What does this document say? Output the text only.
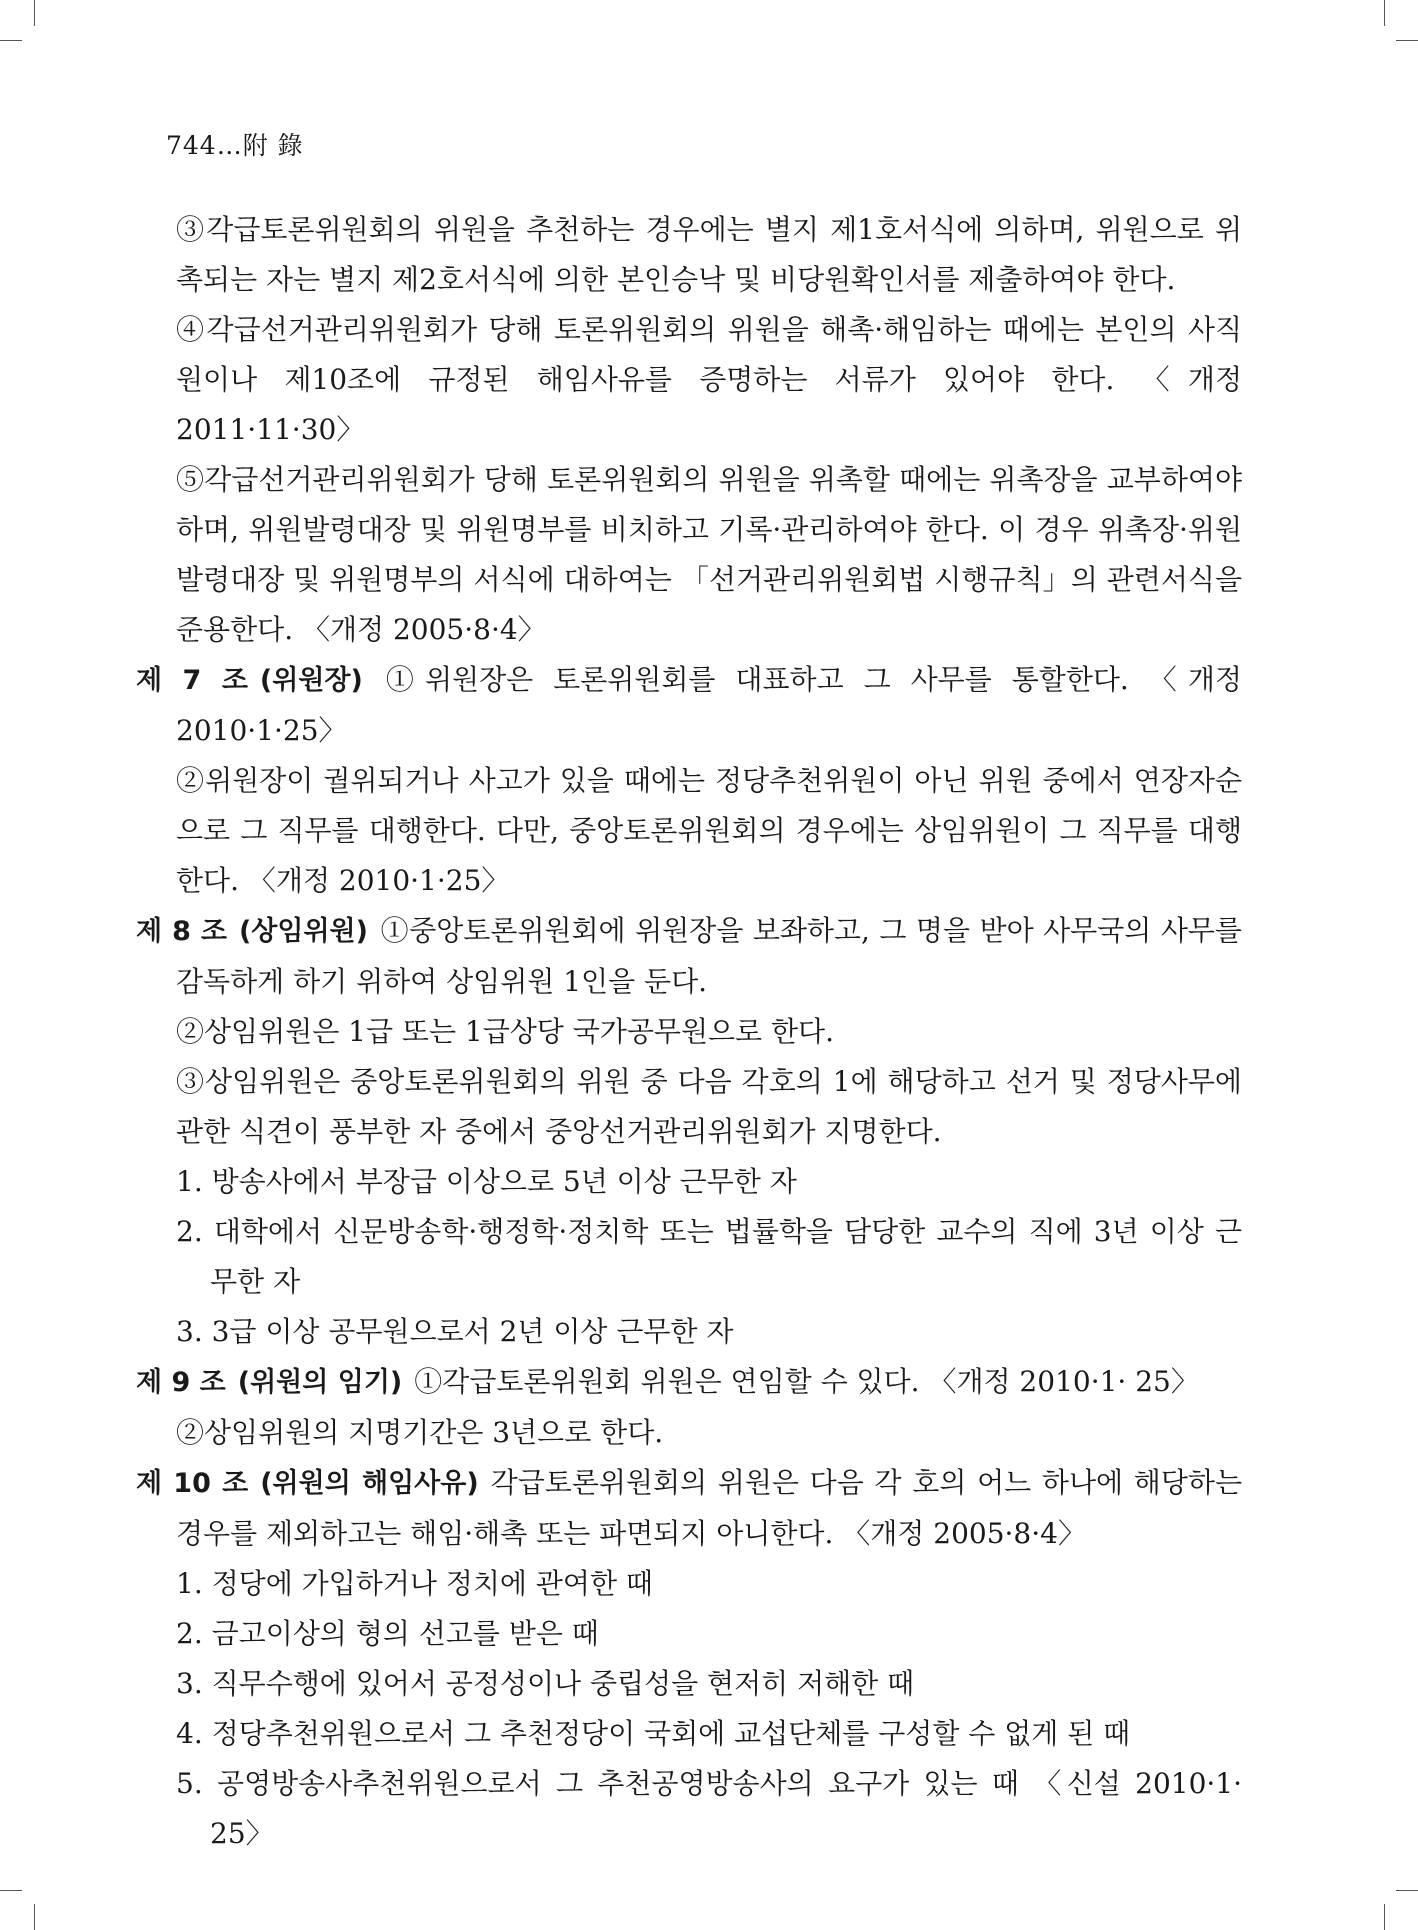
744…附 錄

③각급토론위원회의 위원을 추천하는 경우에는 별지 제1호서식에 의하며, 위원으로 위촉되는 자는 별지 제2호서식에 의한 본인승낙 및 비당원확인서를 제출하여야 한다.

④각급선거관리위원회가 당해 토론위원회의 위원을 해촉·해임하는 때에는 본인의 사직원이나 제10조에 규정된 해임사유를 증명하는 서류가 있어야 한다. 〈개정 2011·11·30〉

⑤각급선거관리위원회가 당해 토론위원회의 위원을 위촉할 때에는 위촉장을 교부하여야 하며, 위원발령대장 및 위원명부를 비치하고 기록·관리하여야 한다. 이 경우 위촉장·위원발령대장 및 위원명부의 서식에 대하여는 「선거관리위원회법 시행규칙」의 관련서식을 준용한다. 〈개정 2005·8·4〉

제 7 조 (위원장) ①위원장은 토론위원회를 대표하고 그 사무를 통할한다. 〈개정 2010·1·25〉

②위원장이 궐위되거나 사고가 있을 때에는 정당추천위원이 아닌 위원 중에서 연장자순으로 그 직무를 대행한다. 다만, 중앙토론위원회의 경우에는 상임위원이 그 직무를 대행한다. 〈개정 2010·1·25〉

제 8 조 (상임위원) ①중앙토론위원회에 위원장을 보좌하고, 그 명을 받아 사무국의 사무를 감독하게 하기 위하여 상임위원 1인을 둔다.

②상임위원은 1급 또는 1급상당 국가공무원으로 한다.

③상임위원은 중앙토론위원회의 위원 중 다음 각호의 1에 해당하고 선거 및 정당사무에 관한 식견이 풍부한 자 중에서 중앙선거관리위원회가 지명한다.

1. 방송사에서 부장급 이상으로 5년 이상 근무한 자

2. 대학에서 신문방송학·행정학·정치학 또는 법률학을 담당한 교수의 직에 3년 이상 근무한 자

3. 3급 이상 공무원으로서 2년 이상 근무한 자

제 9 조 (위원의 임기) ①각급토론위원회 위원은 연임할 수 있다. 〈개정 2010·1· 25〉

②상임위원의 지명기간은 3년으로 한다.

제 10 조 (위원의 해임사유) 각급토론위원회의 위원은 다음 각 호의 어느 하나에 해당하는 경우를 제외하고는 해임·해촉 또는 파면되지 아니한다. 〈개정 2005·8·4〉

1. 정당에 가입하거나 정치에 관여한 때

2. 금고이상의 형의 선고를 받은 때

3. 직무수행에 있어서 공정성이나 중립성을 현저히 저해한 때

4. 정당추천위원으로서 그 추천정당이 국회에 교섭단체를 구성할 수 없게 된 때

5. 공영방송사추천위원으로서 그 추천공영방송사의 요구가 있는 때 〈신설 2010·1· 25〉
